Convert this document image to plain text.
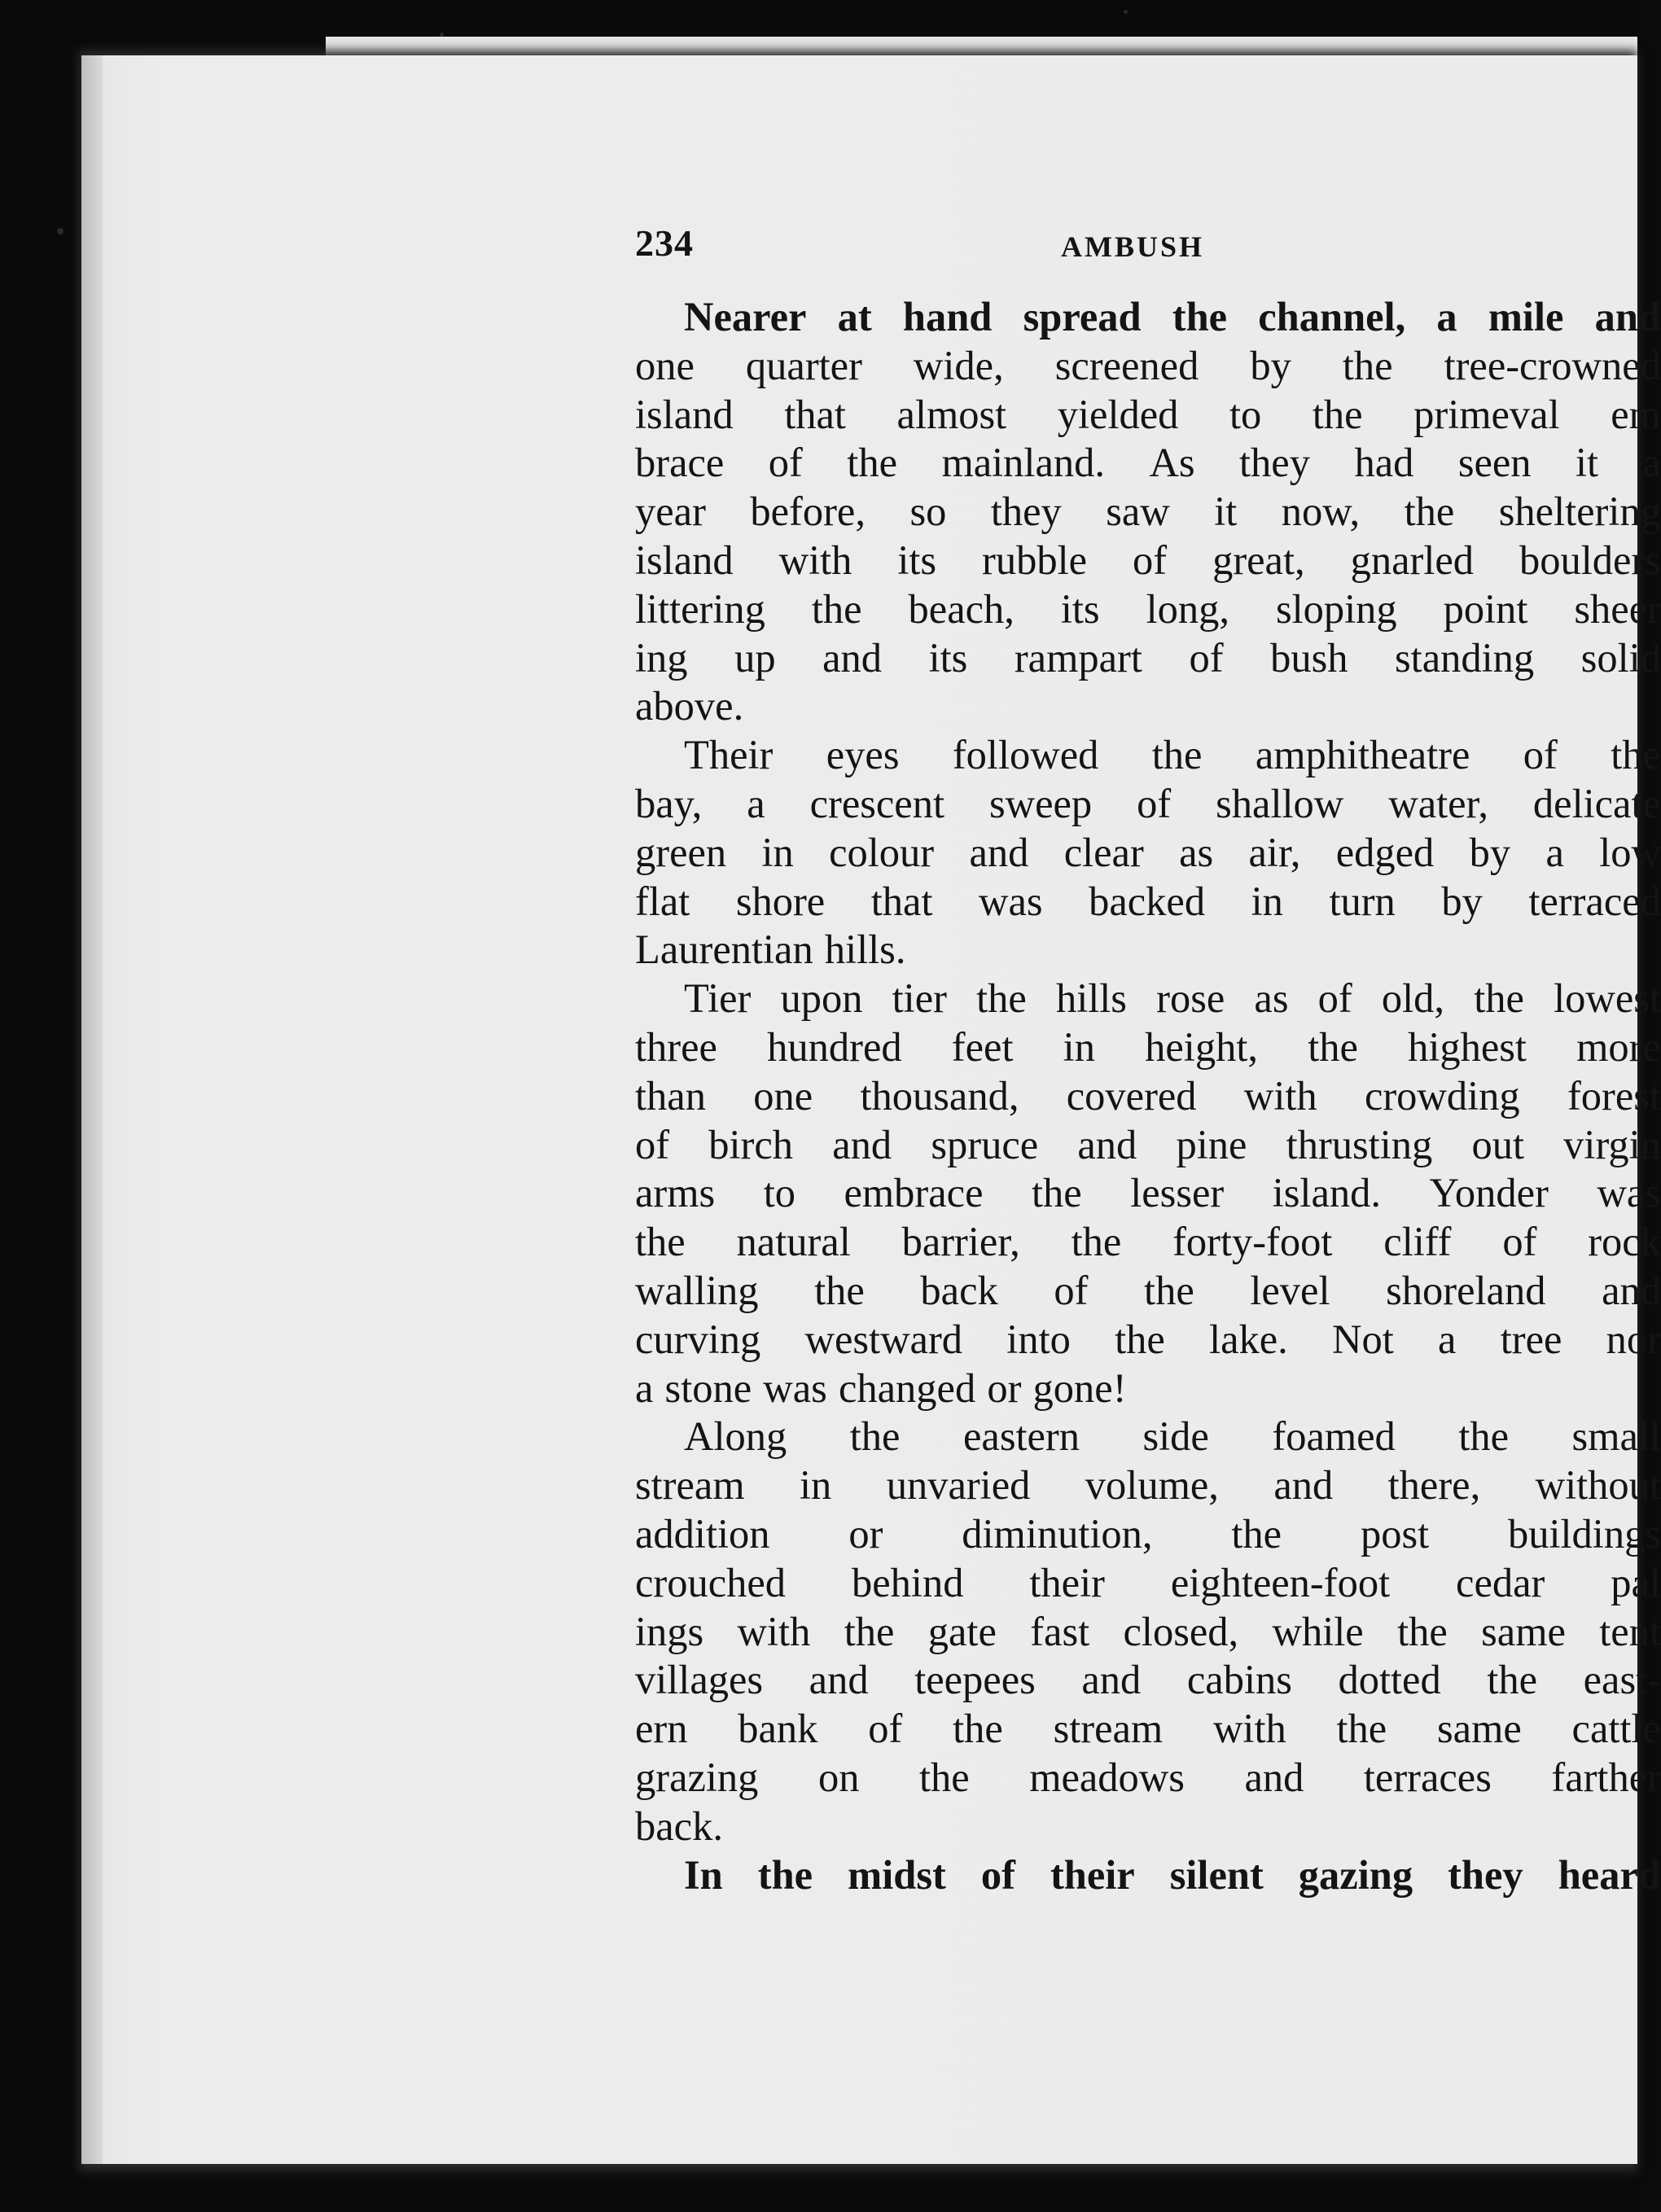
234	AMBUSH
Nearer at hand spread the channel, a mile and
one quarter wide, screened by the tree-crowned
island that almost yielded to the primeval em
brace of the mainland. As they had seen it a
year before, so they saw it now, the sheltering
island with its rubble of great, gnarled boulders
littering the beach, its long, sloping point sheer
ing up and its rampart of bush standing solid
above.
Their eyes followed the amphitheatre of the
bay, a crescent sweep of shallow water, delicate
green in colour and clear as air, edged by a low
flat shore that was backed in turn by terraced
Laurentian hills.
Tier upon tier the hills rose as of old, the lowest
three hundred feet in height, the highest more
than one thousand, covered with crowding forest
of birch and spruce and pine thrusting out virgin
arms to embrace the lesser island. Yonder was
the natural barrier, the forty-foot cliff of rock
walling the back of the level shoreland and
curving westward into the lake. Not a tree nor
a stone was changed or gone!
Along the eastern side foamed the small
stream in unvaried volume, and there, without
addition or diminution, the post buildings
crouched behind their eighteen-foot cedar pal
ings with the gate fast closed, while the same tent
villages and teepees and cabins dotted the east-
ern bank of the stream with the same cattle
grazing on the meadows and terraces farther
back.
In the midst of their silent gazing they heard
